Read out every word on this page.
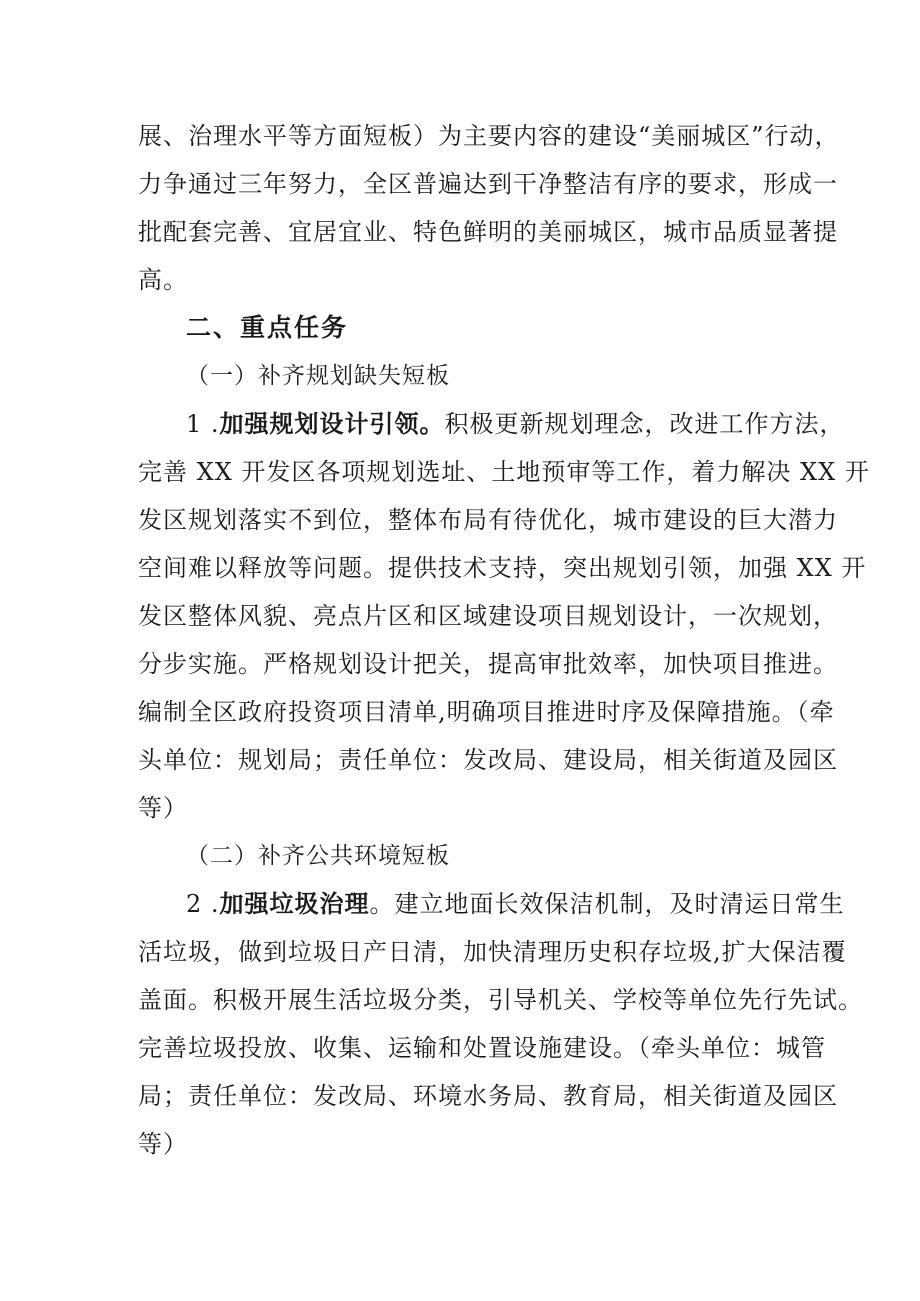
展、治理水平等方面短板）为主要内容的建设“美丽城区”行动，
力争通过三年努力，全区普遍达到干净整洁有序的要求，形成一
批配套完善、宜居宜业、特色鲜明的美丽城区，城市品质显著提
高。
二、重点任务
（一）补齐规划缺失短板
1 .加强规划设计引领。积极更新规划理念，改进工作方法，
完善 XX 开发区各项规划选址、土地预审等工作，着力解决 XX 开
发区规划落实不到位，整体布局有待优化，城市建设的巨大潜力
空间难以释放等问题。提供技术支持，突出规划引领，加强 XX 开
发区整体风貌、亮点片区和区域建设项目规划设计，一次规划，
分步实施。严格规划设计把关，提高审批效率，加快项目推进。
编制全区政府投资项目清单,明确项目推进时序及保障措施。（牵
头单位：规划局；责任单位：发改局、建设局，相关街道及园区
等）
（二）补齐公共环境短板
2 .加强垃圾治理。建立地面长效保洁机制，及时清运日常生
活垃圾，做到垃圾日产日清，加快清理历史积存垃圾,扩大保洁覆
盖面。积极开展生活垃圾分类，引导机关、学校等单位先行先试。
完善垃圾投放、收集、运输和处置设施建设。（牵头单位：城管
局；责任单位：发改局、环境水务局、教育局，相关街道及园区
等）
